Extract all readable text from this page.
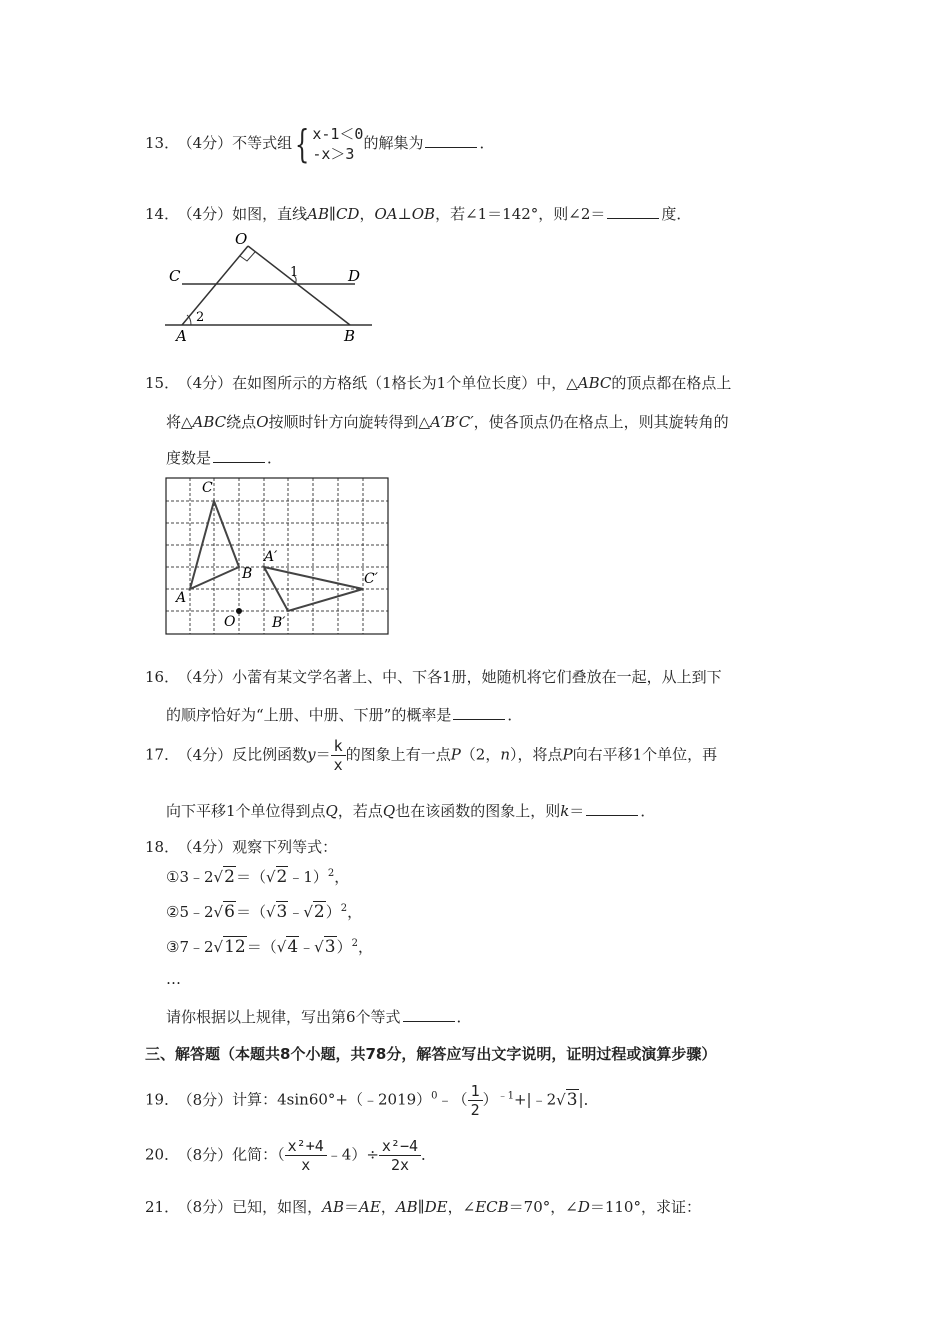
13． （4分）不等式组{ x-1＜0
-x＞3
的解集为	．
14． （4分）如图，直线AB∥CD，OA⊥OB，若∠1＝142°，则∠2＝	度．
O
C	D
A	B
1
2
15． （4分）在如图所示的方格纸（1格长为1个单位长度）中，△ABC的顶点都在格点上
将△ABC绕点O按顺时针方向旋转得到△A′B′C′，使各顶点仍在格点上，则其旋转角的
度数是	．
C
B
A
O
A′
B′
C′
16． （4分）小蕾有某文学名著上、中、下各1册，她随机将它们叠放在一起，从上到下
的顺序恰好为“上册、中册、下册”的概率是	．
17． （4分）反比例函数$y= \frac{k}{x}$ 的图象上有一点P（2，n），将点P向右平移1个单位，再
向下平移1个单位得到点Q，若点Q也在该函数的图象上，则k＝	．
18． （4分）观察下列等式：
①3﹣2√2＝（√2﹣1）$^2$，
②5﹣2√6＝（√3﹣√2）$^2$，
③7﹣2√12＝（√4﹣√3）$^2$，
…
请你根据以上规律，写出第6个等式	．
三、解答题（本题共8个小题，共78分，解答应写出文字说明，证明过程或演算步骤）
19． （8分）计算：4sin60°+（﹣2019）$^0$﹣（ $\frac{1}{2}$ ）$^{﹣1}$+|﹣2√3|．
20． （8分）化简：（ $\frac{\text{x²+4}}{x}$ ﹣4）÷ $\frac{\text{x²−4}}{2x}$ ．
21． （8分）已知，如图，AB＝AE，AB∥DE，∠ECB＝70°，∠D＝110°，求证：
